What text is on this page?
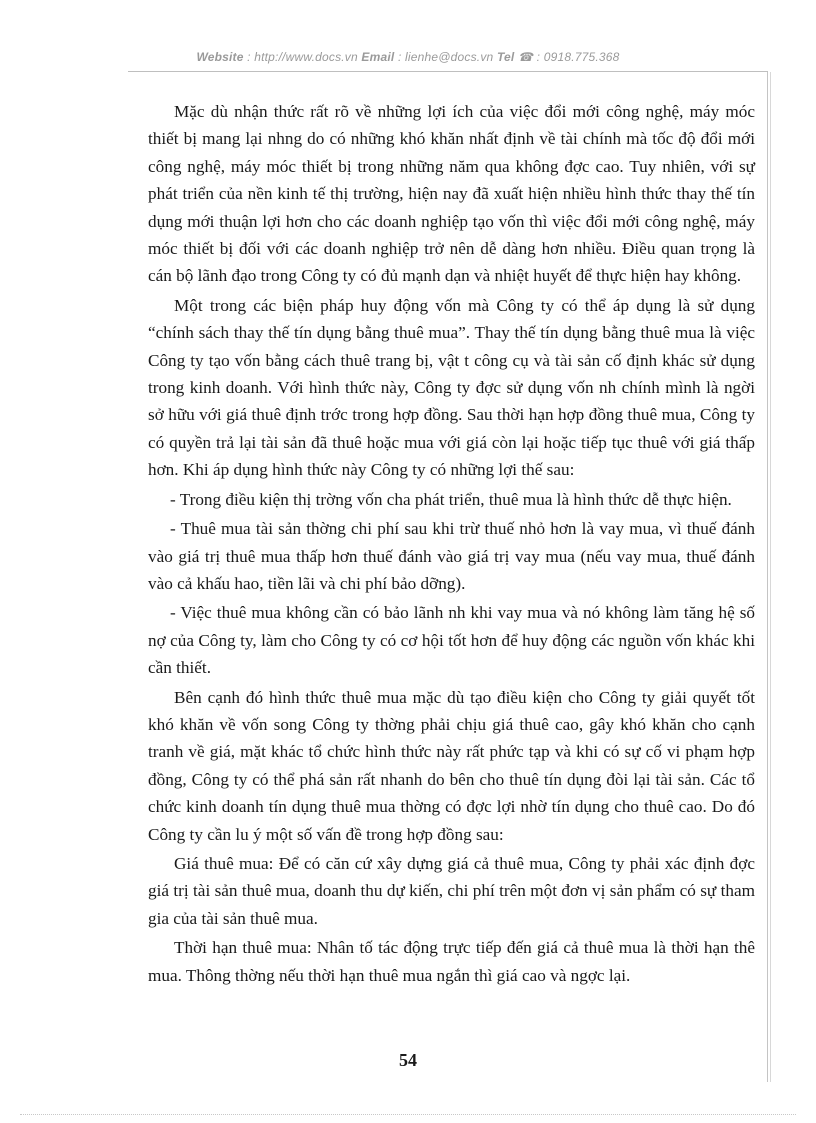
Website : http://www.docs.vn Email : lienhe@docs.vn Tel ☎ : 0918.775.368

Mặc dù nhận thức rất rõ về những lợi ích của việc đổi mới công nghệ, máy móc thiết bị mang lại nhng do có những khó khăn nhất định về tài chính mà tốc độ đổi mới công nghệ, máy móc thiết bị trong những năm qua không đợc cao. Tuy nhiên, với sự phát triển của nền kinh tế thị trường, hiện nay đã xuất hiện nhiều hình thức thay thế tín dụng mới thuận lợi hơn cho các doanh nghiệp tạo vốn thì việc đổi mới công nghệ, máy móc thiết bị đối với các doanh nghiệp trở nên dễ dàng hơn nhiều. Điều quan trọng là cán bộ lãnh đạo trong Công ty có đủ mạnh dạn và nhiệt huyết để thực hiện hay không.

Một trong các biện pháp huy động vốn mà Công ty có thể áp dụng là sử dụng “chính sách thay thế tín dụng bằng thuê mua”. Thay thế tín dụng bằng thuê mua là việc Công ty tạo vốn bằng cách thuê trang bị, vật t công cụ và tài sản cố định khác sử dụng trong kinh doanh. Với hình thức này, Công ty đợc sử dụng vốn nh chính mình là ngời sở hữu với giá thuê định trớc trong hợp đồng. Sau thời hạn hợp đồng thuê mua, Công ty có quyền trả lại tài sản đã thuê hoặc mua với giá còn lại hoặc tiếp tục thuê với giá thấp hơn. Khi áp dụng hình thức này Công ty có những lợi thế sau:

- Trong điều kiện thị trờng vốn cha phát triển, thuê mua là hình thức dễ thực hiện.

- Thuê mua tài sản thờng chi phí sau khi trừ thuế nhỏ hơn là vay mua, vì thuế đánh vào giá trị thuê mua thấp hơn thuế đánh vào giá trị vay mua (nếu vay mua, thuế đánh vào cả khấu hao, tiền lãi và chi phí bảo dỡng).

- Việc thuê mua không cần có bảo lãnh nh khi vay mua và nó không làm tăng hệ số nợ của Công ty, làm cho Công ty có cơ hội tốt hơn để huy động các nguồn vốn khác khi cần thiết.

Bên cạnh đó hình thức thuê mua mặc dù tạo điều kiện cho Công ty giải quyết tốt khó khăn về vốn song Công ty thờng phải chịu giá thuê cao, gây khó khăn cho cạnh tranh về giá, mặt khác tổ chức hình thức này rất phức tạp và khi có sự cố vi phạm hợp đồng, Công ty có thể phá sản rất nhanh do bên cho thuê tín dụng đòi lại tài sản. Các tổ chức kinh doanh tín dụng thuê mua thờng có đợc lợi nhờ tín dụng cho thuê cao. Do đó Công ty cần lu ý một số vấn đề trong hợp đồng sau:

Giá thuê mua: Để có căn cứ xây dựng giá cả thuê mua, Công ty phải xác định đợc giá trị tài sản thuê mua, doanh thu dự kiến, chi phí trên một đơn vị sản phẩm có sự tham gia của tài sản thuê mua.

Thời hạn thuê mua: Nhân tố tác động trực tiếp đến giá cả thuê mua là thời hạn thê mua. Thông thờng nếu thời hạn thuê mua ngắn thì giá cao và ngợc lại.

54
